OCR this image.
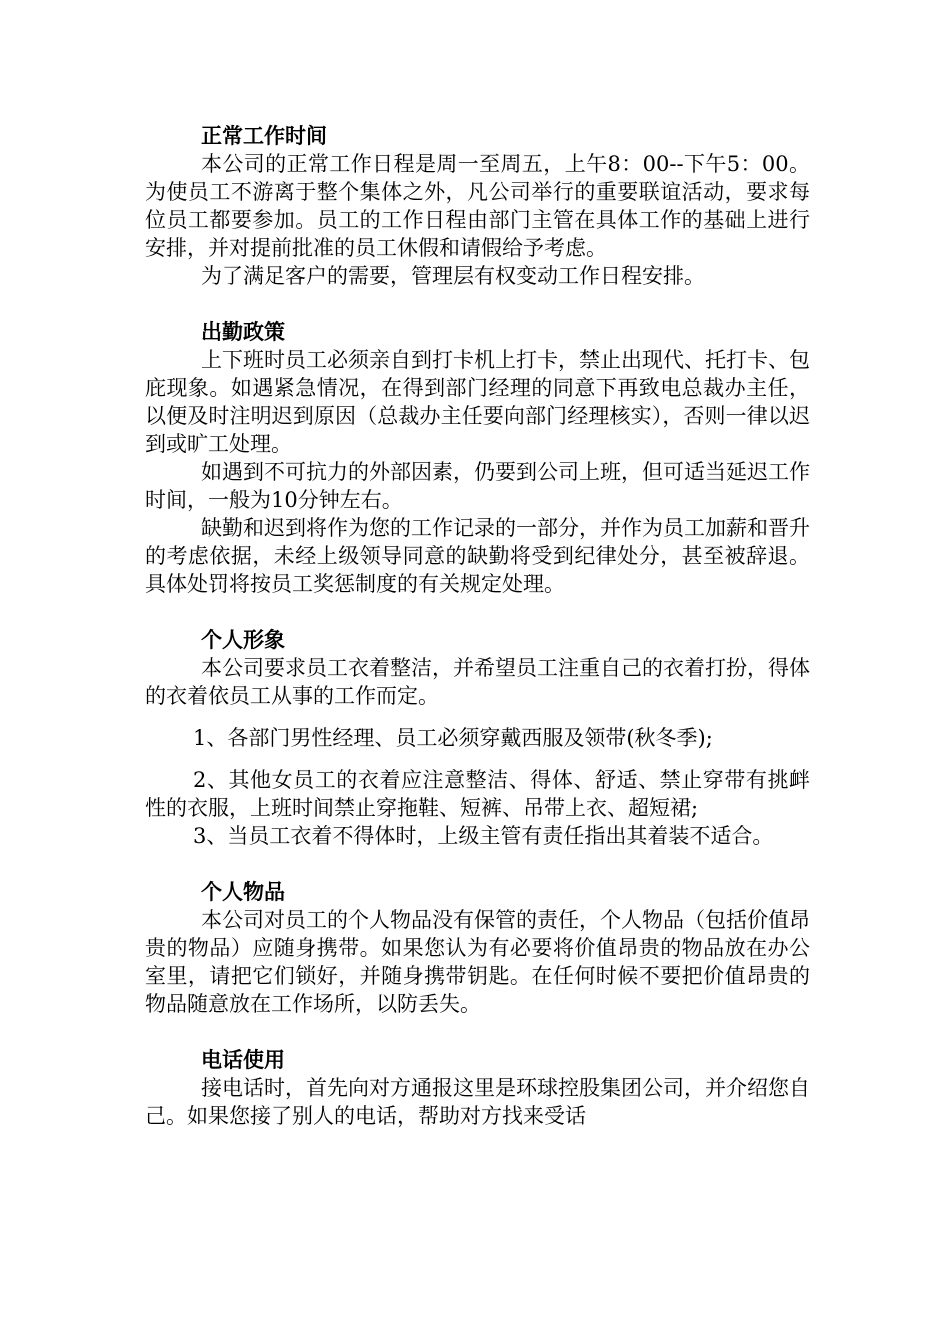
正常工作时间

本公司的正常工作日程是周一至周五，上午8：00--下午5：00。为使员工不游离于整个集体之外，凡公司举行的重要联谊活动，要求每位员工都要参加。员工的工作日程由部门主管在具体工作的基础上进行安排，并对提前批准的员工休假和请假给予考虑。

为了满足客户的需要，管理层有权变动工作日程安排。

出勤政策

上下班时员工必须亲自到打卡机上打卡，禁止出现代、托打卡、包庇现象。如遇紧急情况，在得到部门经理的同意下再致电总裁办主任，以便及时注明迟到原因（总裁办主任要向部门经理核实），否则一律以迟到或旷工处理。

如遇到不可抗力的外部因素，仍要到公司上班，但可适当延迟工作时间，一般为10分钟左右。

缺勤和迟到将作为您的工作记录的一部分，并作为员工加薪和晋升的考虑依据，未经上级领导同意的缺勤将受到纪律处分，甚至被辞退。具体处罚将按员工奖惩制度的有关规定处理。

个人形象

本公司要求员工衣着整洁，并希望员工注重自己的衣着打扮，得体的衣着依员工从事的工作而定。

1、各部门男性经理、员工必须穿戴西服及领带(秋冬季);

2、其他女员工的衣着应注意整洁、得体、舒适、禁止穿带有挑衅性的衣服，上班时间禁止穿拖鞋、短裤、吊带上衣、超短裙;

3、当员工衣着不得体时，上级主管有责任指出其着装不适合。

个人物品

本公司对员工的个人物品没有保管的责任，个人物品（包括价值昂贵的物品）应随身携带。如果您认为有必要将价值昂贵的物品放在办公室里，请把它们锁好，并随身携带钥匙。在任何时候不要把价值昂贵的物品随意放在工作场所，以防丢失。

电话使用

接电话时，首先向对方通报这里是环球控股集团公司，并介绍您自己。如果您接了别人的电话，帮助对方找来受话
